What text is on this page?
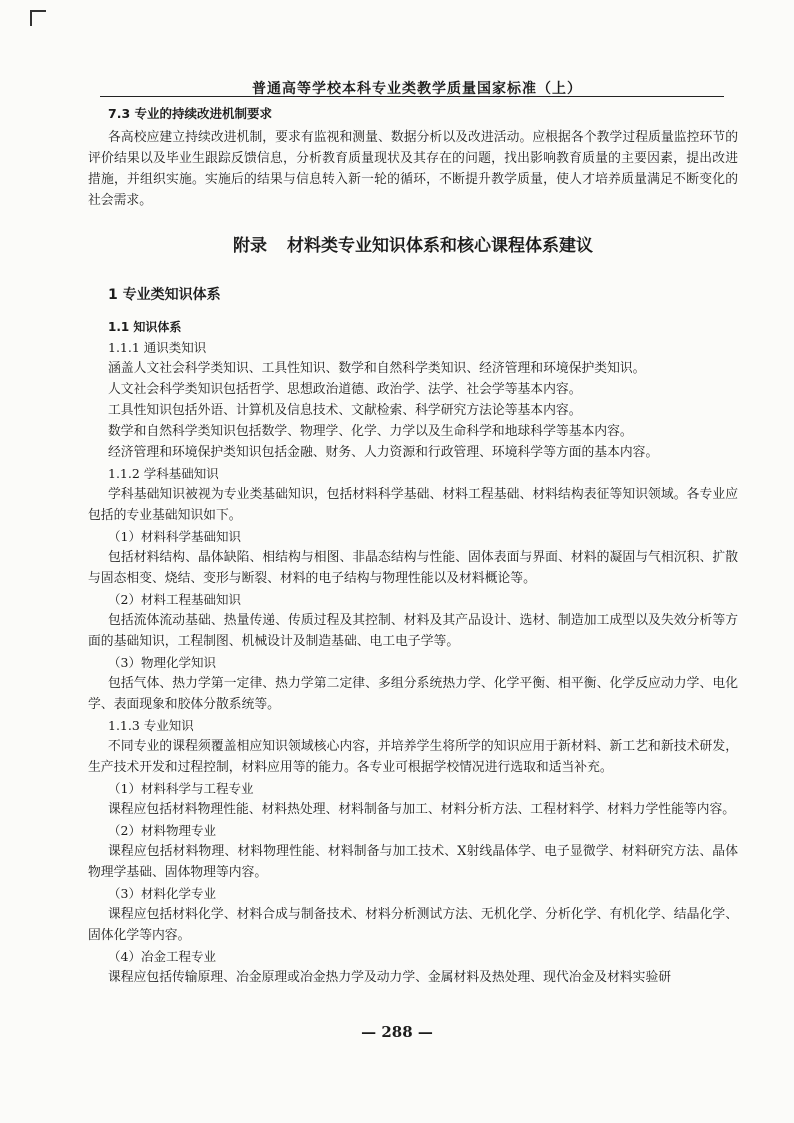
普通高等学校本科专业类教学质量国家标准（上）
7.3 专业的持续改进机制要求

各高校应建立持续改进机制，要求有监视和测量、数据分析以及改进活动。应根据各个教学过程质量监控环节的评价结果以及毕业生跟踪反馈信息，分析教育质量现状及其存在的问题，找出影响教育质量的主要因素，提出改进措施，并组织实施。实施后的结果与信息转入新一轮的循环，不断提升教学质量，使人才培养质量满足不断变化的社会需求。

附录 材料类专业知识体系和核心课程体系建议
1 专业类知识体系
1.1 知识体系
1.1.1 通识类知识
涵盖人文社会科学类知识、工具性知识、数学和自然科学类知识、经济管理和环境保护类知识。
人文社会科学类知识包括哲学、思想政治道德、政治学、法学、社会学等基本内容。
工具性知识包括外语、计算机及信息技术、文献检索、科学研究方法论等基本内容。
数学和自然科学类知识包括数学、物理学、化学、力学以及生命科学和地球科学等基本内容。
经济管理和环境保护类知识包括金融、财务、人力资源和行政管理、环境科学等方面的基本内容。
1.1.2 学科基础知识

学科基础知识被视为专业类基础知识，包括材料科学基础、材料工程基础、材料结构表征等知识领域。各专业应包括的专业基础知识如下。

（1）材料科学基础知识

包括材料结构、晶体缺陷、相结构与相图、非晶态结构与性能、固体表面与界面、材料的凝固与气相沉积、扩散与固态相变、烧结、变形与断裂、材料的电子结构与物理性能以及材料概论等。

（2）材料工程基础知识

包括流体流动基础、热量传递、传质过程及其控制、材料及其产品设计、选材、制造加工成型以及失效分析等方面的基础知识，工程制图、机械设计及制造基础、电工电子学等。

（3）物理化学知识

包括气体、热力学第一定律、热力学第二定律、多组分系统热力学、化学平衡、相平衡、化学反应动力学、电化学、表面现象和胶体分散系统等。

1.1.3 专业知识

不同专业的课程须覆盖相应知识领域核心内容，并培养学生将所学的知识应用于新材料、新工艺和新技术研发，生产技术开发和过程控制，材料应用等的能力。各专业可根据学校情况进行选取和适当补充。

（1）材料科学与工程专业

课程应包括材料物理性能、材料热处理、材料制备与加工、材料分析方法、工程材料学、材料力学性能等内容。

（2）材料物理专业

课程应包括材料物理、材料物理性能、材料制备与加工技术、X射线晶体学、电子显微学、材料研究方法、晶体物理学基础、固体物理等内容。

（3）材料化学专业

课程应包括材料化学、材料合成与制备技术、材料分析测试方法、无机化学、分析化学、有机化学、结晶化学、固体化学等内容。

（4）冶金工程专业

课程应包括传输原理、冶金原理或冶金热力学及动力学、金属材料及热处理、现代冶金及材料实验研

— 288 —
